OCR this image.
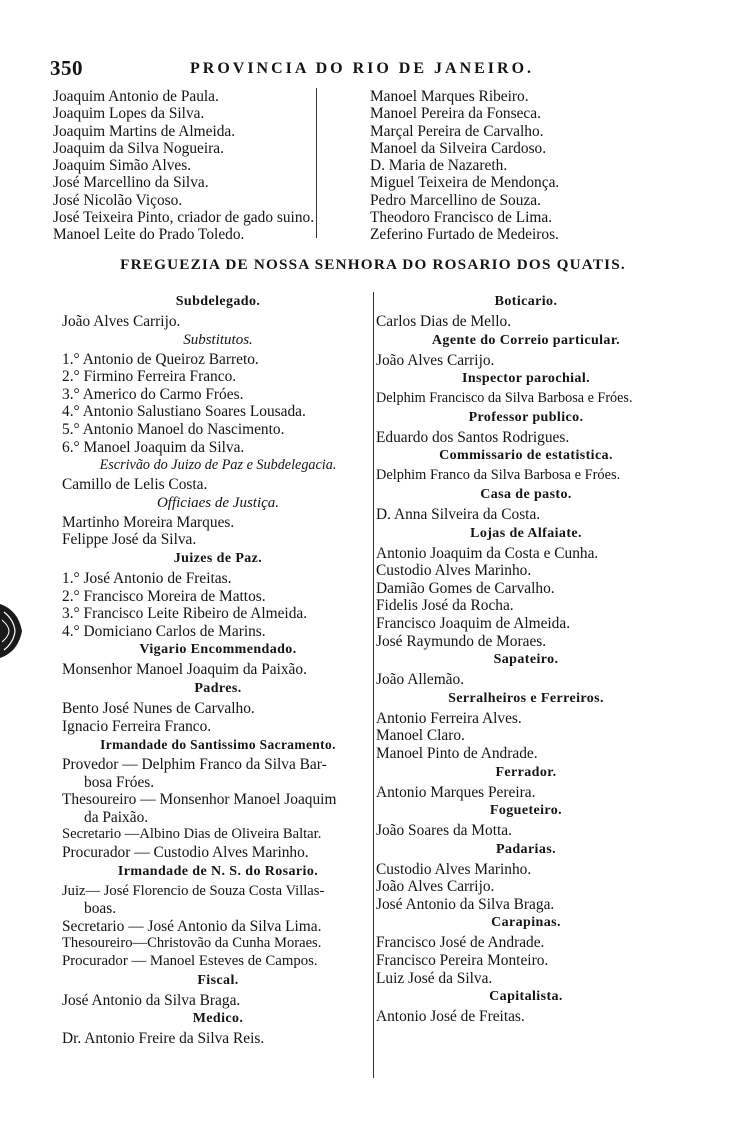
350	PROVINCIA DO RIO DE JANEIRO.
Joaquim Antonio de Paula.
Joaquim Lopes da Silva.
Joaquim Martins de Almeida.
Joaquim da Silva Nogueira.
Joaquim Simão Alves.
José Marcellino da Silva.
José Nicolão Viçoso.
José Teixeira Pinto, criador de gado suino.
Manoel Leite do Prado Toledo.
Manoel Marques Ribeiro.
Manoel Pereira da Fonseca.
Marçal Pereira de Carvalho.
Manoel da Silveira Cardoso.
D. Maria de Nazareth.
Miguel Teixeira de Mendonça.
Pedro Marcellino de Souza.
Theodoro Francisco de Lima.
Zeferino Furtado de Medeiros.
FREGUEZIA DE NOSSA SENHORA DO ROSARIO DOS QUATIS.
Subdelegado.
João Alves Carrijo.
Substitutos.
1.° Antonio de Queiroz Barreto.
2.° Firmino Ferreira Franco.
3.° Americo do Carmo Fróes.
4.° Antonio Salustiano Soares Lousada.
5.° Antonio Manoel do Nascimento.
6.° Manoel Joaquim da Silva.
Escrivão do Juizo de Paz e Subdelegacia.
Camillo de Lelis Costa.
Officiaes de Justiça.
Martinho Moreira Marques.
Felippe José da Silva.
Juizes de Paz.
1.° José Antonio de Freitas.
2.° Francisco Moreira de Mattos.
3.° Francisco Leite Ribeiro de Almeida.
4.° Domiciano Carlos de Marins.
Vigario Encommendado.
Monsenhor Manoel Joaquim da Paixão.
Padres.
Bento José Nunes de Carvalho.
Ignacio Ferreira Franco.
Irmandade do Santissimo Sacramento.
Provedor — Delphim Franco da Silva Bar-
bosa Fróes.
Thesoureiro — Monsenhor Manoel Joaquim
da Paixão.
Secretario —Albino Dias de Oliveira Baltar.
Procurador — Custodio Alves Marinho.
Irmandade de N. S. do Rosario.
Juiz— José Florencio de Souza Costa Villas-
boas.
Secretario — José Antonio da Silva Lima.
Thesoureiro—Christovão da Cunha Moraes.
Procurador — Manoel Esteves de Campos.
Fiscal.
José Antonio da Silva Braga.
Medico.
Dr. Antonio Freire da Silva Reis.
Boticario.
Carlos Dias de Mello.
Agente do Correio particular.
João Alves Carrijo.
Inspector parochial.
Delphim Francisco da Silva Barbosa e Fróes.
Professor publico.
Eduardo dos Santos Rodrigues.
Commissario de estatistica.
Delphim Franco da Silva Barbosa e Fróes.
Casa de pasto.
D. Anna Silveira da Costa.
Lojas de Alfaiate.
Antonio Joaquim da Costa e Cunha.
Custodio Alves Marinho.
Damião Gomes de Carvalho.
Fidelis José da Rocha.
Francisco Joaquim de Almeida.
José Raymundo de Moraes.
Sapateiro.
João Allemão.
Serralheiros e Ferreiros.
Antonio Ferreira Alves.
Manoel Claro.
Manoel Pinto de Andrade.
Ferrador.
Antonio Marques Pereira.
Fogueteiro.
João Soares da Motta.
Padarias.
Custodio Alves Marinho.
João Alves Carrijo.
José Antonio da Silva Braga.
Carapinas.
Francisco José de Andrade.
Francisco Pereira Monteiro.
Luiz José da Silva.
Capitalista.
Antonio José de Freitas.
